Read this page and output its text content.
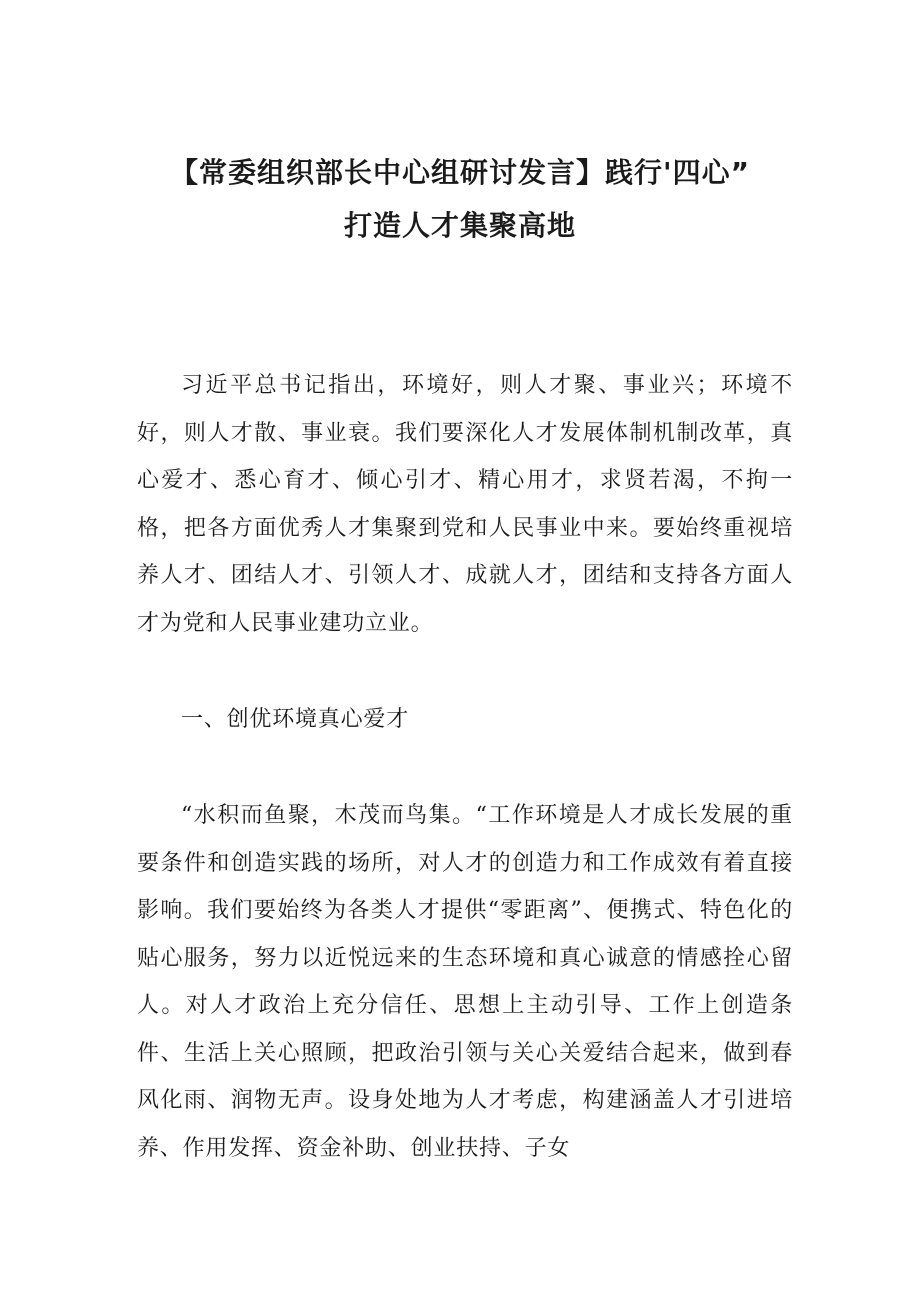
【常委组织部长中心组研讨发言】践行'四心”
打造人才集聚高地

习近平总书记指出，环境好，则人才聚、事业兴；环境不好，则人才散、事业衰。我们要深化人才发展体制机制改革，真心爱才、悉心育才、倾心引才、精心用才，求贤若渴，不拘一格，把各方面优秀人才集聚到党和人民事业中来。要始终重视培养人才、团结人才、引领人才、成就人才，团结和支持各方面人才为党和人民事业建功立业。

一、创优环境真心爱才

“水积而鱼聚，木茂而鸟集。“工作环境是人才成长发展的重要条件和创造实践的场所，对人才的创造力和工作成效有着直接影响。我们要始终为各类人才提供“零距离”、便携式、特色化的贴心服务，努力以近悦远来的生态环境和真心诚意的情感拴心留人。对人才政治上充分信任、思想上主动引导、工作上创造条件、生活上关心照顾，把政治引领与关心关爱结合起来，做到春风化雨、润物无声。设身处地为人才考虑，构建涵盖人才引进培养、作用发挥、资金补助、创业扶持、子女
